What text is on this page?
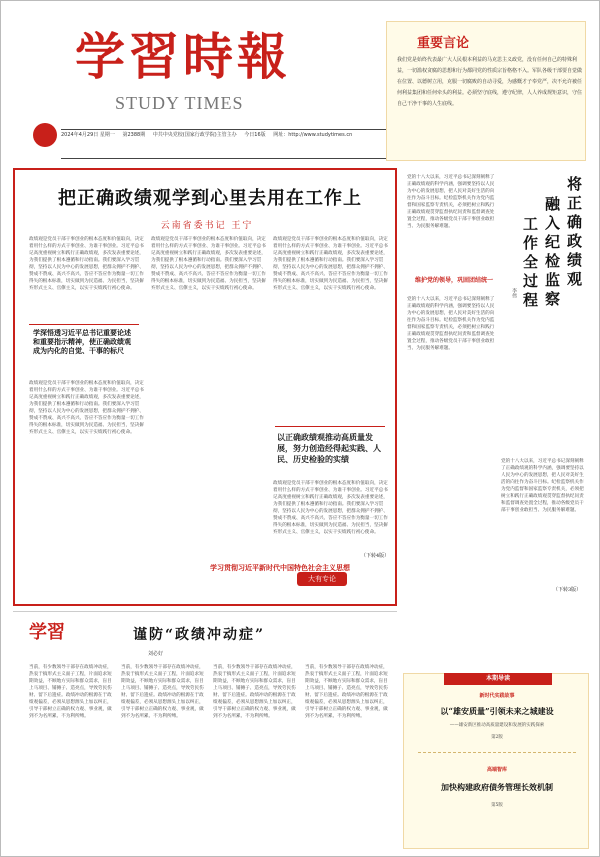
学習時報
STUDY TIMES
2024年4月29日 星期一 第2388期 中共中央党校(国家行政学院)主管主办 今日16版 网址：http://www.studytimes.cn
重要言论
我们党是始终代表最广大人民根本利益的马克思主义政党，没有任何自己的特殊利益，一切滥权贪腐的思想和行为都同党的性质宗旨格格不入。军队各级干部要自觉做在位置、以德树立用，克服一切腐败的自动寻爱，为感慨才子奉党严，决不允许被任何利益集团和任何牵头的利益。必须坚守底线，遵守纪律，人人养成规矩意识，守住自己干净干事的人生底线。
把正确政绩观学到心里去用在工作上
云南省委书记 王宁
政绩观是党员干部干事创业的根本态度和价值取向，决定着用什么样的方式干事创业、为谁干事创业。习近平总书记高度重视树立和践行正确政绩观，多次发表重要论述，为我们提供了根本遵循和行动指南。我们要深入学习贯彻，坚持以人民为中心的发展思想，把群众拥护不拥护、赞成不赞成、高兴不高兴、答应不答应作为衡量一切工作得失的根本标准，切实做到为民造福、为民担当，坚决摒弃形式主义、官僚主义，以实干实绩践行初心使命。
学深悟透习近平总书记重要论述和重要指示精神，使正确政绩观成为内化的自觉、干事的标尺
政绩观是党员干部干事创业的根本态度和价值取向，决定着用什么样的方式干事创业、为谁干事创业。习近平总书记高度重视树立和践行正确政绩观，多次发表重要论述，为我们提供了根本遵循和行动指南。我们要深入学习贯彻，坚持以人民为中心的发展思想，把群众拥护不拥护、赞成不赞成、高兴不高兴、答应不答应作为衡量一切工作得失的根本标准，切实做到为民造福、为民担当，坚决摒弃形式主义、官僚主义，以实干实绩践行初心使命。
政绩观是党员干部干事创业的根本态度和价值取向，决定着用什么样的方式干事创业、为谁干事创业。习近平总书记高度重视树立和践行正确政绩观，多次发表重要论述，为我们提供了根本遵循和行动指南。我们要深入学习贯彻，坚持以人民为中心的发展思想，把群众拥护不拥护、赞成不赞成、高兴不高兴、答应不答应作为衡量一切工作得失的根本标准，切实做到为民造福、为民担当，坚决摒弃形式主义、官僚主义，以实干实绩践行初心使命。
政绩观是党员干部干事创业的根本态度和价值取向，决定着用什么样的方式干事创业、为谁干事创业。习近平总书记高度重视树立和践行正确政绩观，多次发表重要论述，为我们提供了根本遵循和行动指南。我们要深入学习贯彻，坚持以人民为中心的发展思想，把群众拥护不拥护、赞成不赞成、高兴不高兴、答应不答应作为衡量一切工作得失的根本标准，切实做到为民造福、为民担当，坚决摒弃形式主义、官僚主义，以实干实绩践行初心使命。
以正确政绩观推动高质量发展，努力创造经得起实践、人民、历史检验的实绩
政绩观是党员干部干事创业的根本态度和价值取向，决定着用什么样的方式干事创业、为谁干事创业。习近平总书记高度重视树立和践行正确政绩观，多次发表重要论述，为我们提供了根本遵循和行动指南。我们要深入学习贯彻，坚持以人民为中心的发展思想，把群众拥护不拥护、赞成不赞成、高兴不高兴、答应不答应作为衡量一切工作得失的根本标准，切实做到为民造福、为民担当，坚决摒弃形式主义、官僚主义，以实干实绩践行初心使命。
学习贯彻习近平新时代中国特色社会主义思想
大有专论
（下转4版）
党的十八大以来，习近平总书记深刻阐释了正确政绩观的科学内涵，强调要坚持以人民为中心的发展思想，把人民对美好生活的向往作为奋斗目标。纪检监察机关作为党内监督和国家监察专责机关，必须把树立和践行正确政绩观贯穿监督执纪问责和监督调查处置全过程，推动各级党员干部干事创业敢担当、为民服务解难题。	融入纪检监察
工作全过程 将正确政绩观
李伟
维护党的领导，巩固团结统一
党的十八大以来，习近平总书记深刻阐释了正确政绩观的科学内涵，强调要坚持以人民为中心的发展思想，把人民对美好生活的向往作为奋斗目标。纪检监察机关作为党内监督和国家监察专责机关，必须把树立和践行正确政绩观贯穿监督执纪问责和监督调查处置全过程，推动各级党员干部干事创业敢担当、为民服务解难题。
党的十八大以来，习近平总书记深刻阐释了正确政绩观的科学内涵，强调要坚持以人民为中心的发展思想，把人民对美好生活的向往作为奋斗目标。纪检监察机关作为党内监督和国家监察专责机关，必须把树立和践行正确政绩观贯穿监督执纪问责和监督调查处置全过程，推动各级党员干部干事创业敢担当、为民服务解难题。
（下转3版）
学習	谨防“政绩冲动症”
刘必好
当前，有少数领导干部存在政绩冲动症，热衷于搞形式主义面子工程，片面追求短期效益，不顾地方实际和群众需求，盲目上马项目、铺摊子、造亮点，导致劳民伤财、留下后遗症。政绩冲动的根源在于政绩观偏差，必须从思想源头上加以纠正，引导干部树立正确的权力观、事业观，做到不为名所累、不为利所缚。
当前，有少数领导干部存在政绩冲动症，热衷于搞形式主义面子工程，片面追求短期效益，不顾地方实际和群众需求，盲目上马项目、铺摊子、造亮点，导致劳民伤财、留下后遗症。政绩冲动的根源在于政绩观偏差，必须从思想源头上加以纠正，引导干部树立正确的权力观、事业观，做到不为名所累、不为利所缚。
当前，有少数领导干部存在政绩冲动症，热衷于搞形式主义面子工程，片面追求短期效益，不顾地方实际和群众需求，盲目上马项目、铺摊子、造亮点，导致劳民伤财、留下后遗症。政绩冲动的根源在于政绩观偏差，必须从思想源头上加以纠正，引导干部树立正确的权力观、事业观，做到不为名所累、不为利所缚。
当前，有少数领导干部存在政绩冲动症，热衷于搞形式主义面子工程，片面追求短期效益，不顾地方实际和群众需求，盲目上马项目、铺摊子、造亮点，导致劳民伤财、留下后遗症。政绩冲动的根源在于政绩观偏差，必须从思想源头上加以纠正，引导干部树立正确的权力观、事业观，做到不为名所累、不为利所缚。
本期导读
新时代实践故事
以“雄安质量”引领未来之城建设
——雄安新区推动高质量建设和发展的实践探索
第2版
高端智库
加快构建政府债务管理长效机制
第5版
